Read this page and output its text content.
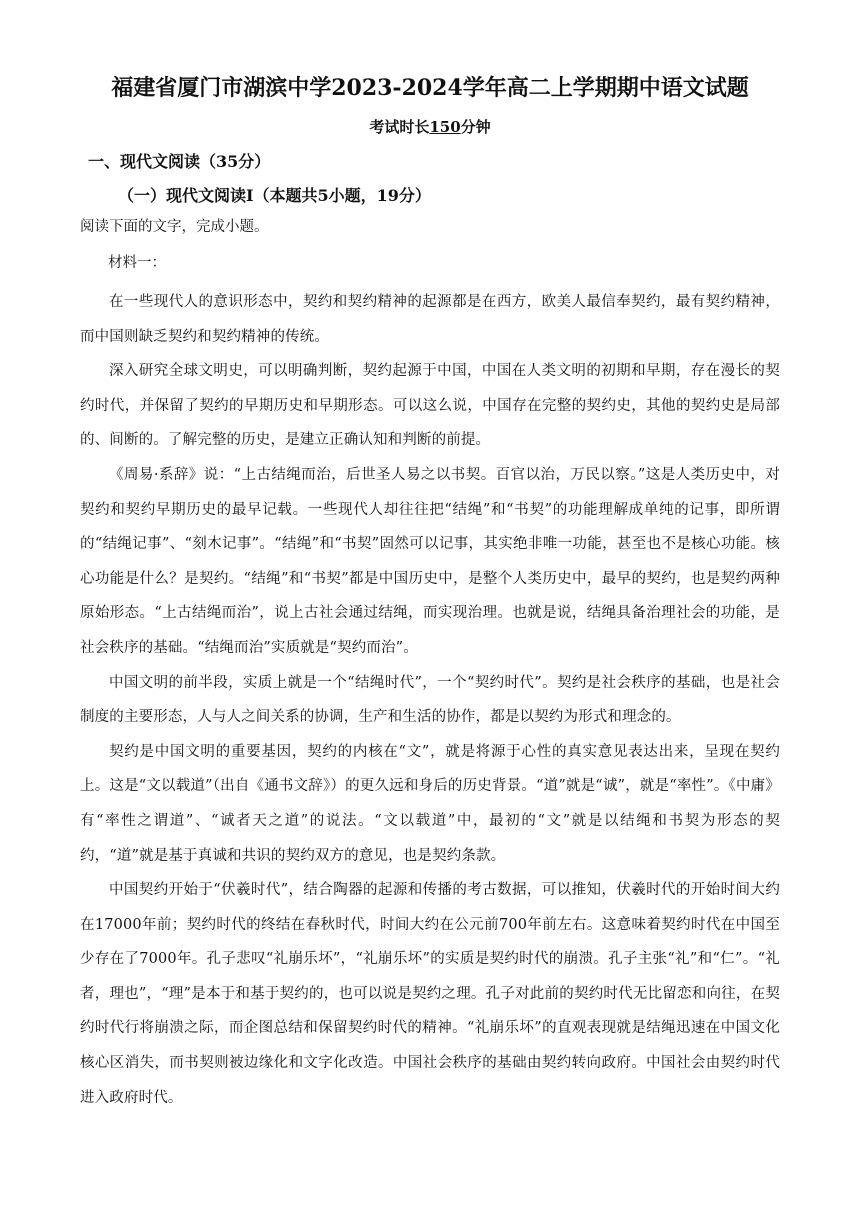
福建省厦门市湖滨中学2023-2024学年高二上学期期中语文试题
考试时长150分钟
一、现代文阅读（35分）
（一）现代文阅读Ⅰ（本题共5小题，19分）
阅读下面的文字，完成小题。
材料一：

在一些现代人的意识形态中，契约和契约精神的起源都是在西方，欧美人最信奉契约，最有契约精神，而中国则缺乏契约和契约精神的传统。

深入研究全球文明史，可以明确判断，契约起源于中国，中国在人类文明的初期和早期，存在漫长的契约时代，并保留了契约的早期历史和早期形态。可以这么说，中国存在完整的契约史，其他的契约史是局部的、间断的。了解完整的历史，是建立正确认知和判断的前提。

《周易·系辞》说：“上古结绳而治，后世圣人易之以书契。百官以治，万民以察。”这是人类历史中，对契约和契约早期历史的最早记载。一些现代人却往往把“结绳”和“书契”的功能理解成单纯的记事，即所谓的“结绳记事”、“刻木记事”。“结绳”和“书契”固然可以记事，其实绝非唯一功能，甚至也不是核心功能。核心功能是什么？是契约。“结绳”和“书契”都是中国历史中，是整个人类历史中，最早的契约，也是契约两种原始形态。“上古结绳而治”，说上古社会通过结绳，而实现治理。也就是说，结绳具备治理社会的功能，是社会秩序的基础。“结绳而治”实质就是“契约而治”。

中国文明的前半段，实质上就是一个“结绳时代”，一个“契约时代”。契约是社会秩序的基础，也是社会制度的主要形态，人与人之间关系的协调，生产和生活的协作，都是以契约为形式和理念的。

契约是中国文明的重要基因，契约的内核在“文”，就是将源于心性的真实意见表达出来，呈现在契约上。这是“文以载道”（出自《通书文辞》）的更久远和身后的历史背景。“道”就是“诚”，就是“率性”。《中庸》有“率性之谓道”、“诚者天之道”的说法。“文以载道”中，最初的“文”就是以结绳和书契为形态的契约，“道”就是基于真诚和共识的契约双方的意见，也是契约条款。

中国契约开始于“伏羲时代”，结合陶器的起源和传播的考古数据，可以推知，伏羲时代的开始时间大约在17000年前；契约时代的终结在春秋时代，时间大约在公元前700年前左右。这意味着契约时代在中国至少存在了7000年。孔子悲叹“礼崩乐坏”，“礼崩乐坏”的实质是契约时代的崩溃。孔子主张“礼”和“仁”。“礼者，理也”，“理”是本于和基于契约的，也可以说是契约之理。孔子对此前的契约时代无比留恋和向往，在契约时代行将崩溃之际，而企图总结和保留契约时代的精神。“礼崩乐坏”的直观表现就是结绳迅速在中国文化核心区消失，而书契则被边缘化和文字化改造。中国社会秩序的基础由契约转向政府。中国社会由契约时代进入政府时代。
